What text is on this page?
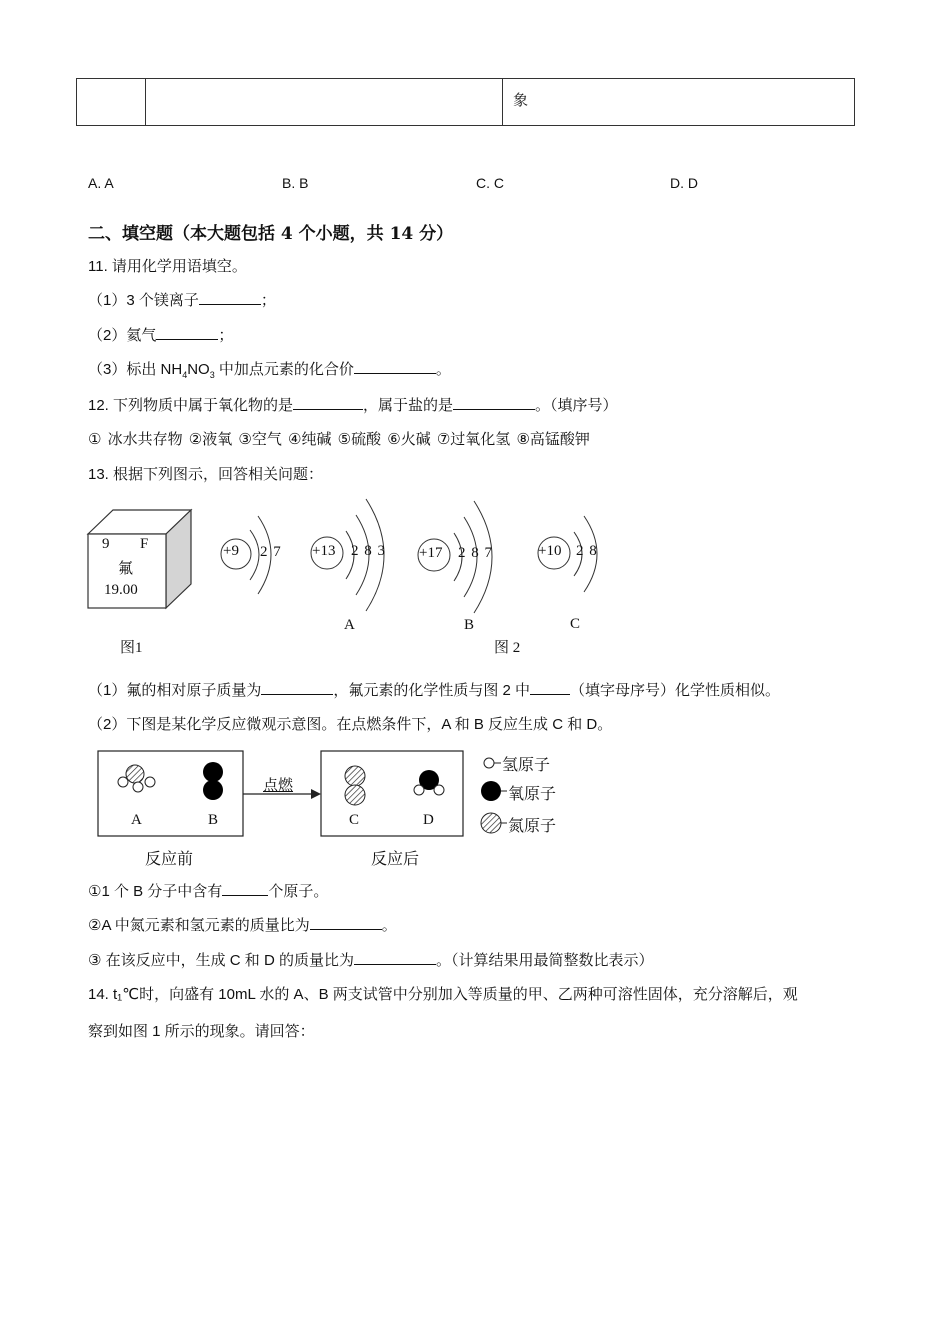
		象
A. A	B. B	C. C	D. D
二、填空题（本大题包括 4 个小题，共 14 分）
11. 请用化学用语填空。
（1）3 个镁离子	；
（2）氦气	；
（3）标出 $NH_4NO_3$ 中加点元素的化合价	。
12. 下列物质中属于氧化物的是	，属于盐的是	。（填序号）
① 冰水共存物 ②液氧 ③空气 ④纯碱 ⑤硫酸 ⑥火碱 ⑦过氧化氢 ⑧高锰酸钾
13. 根据下列图示，回答相关问题：
9 F
氟
19.00
图1
+9 2 7 +13 2 8 3
A
+17 2 8 7
B
+10 2 8
C
图 2
（1）氟的相对原子质量为	，氟元素的化学性质与图 2 中	（填字母序号）化学性质相似。
（2）下图是某化学反应微观示意图。在点燃条件下，A 和 B 反应生成 C 和 D。
A	B	C	D
点燃
反应前	反应后
氢原子
氧原子
氮原子
①1 个 B 分子中含有	个原子。
②A 中氮元素和氢元素的质量比为	。
③ 在该反应中，生成 C 和 D 的质量比为	。（计算结果用最简整数比表示）
14. t₁℃时，向盛有 10mL 水的 A、B 两支试管中分别加入等质量的甲、乙两种可溶性固体，充分溶解后，观
察到如图 1 所示的现象。请回答：
